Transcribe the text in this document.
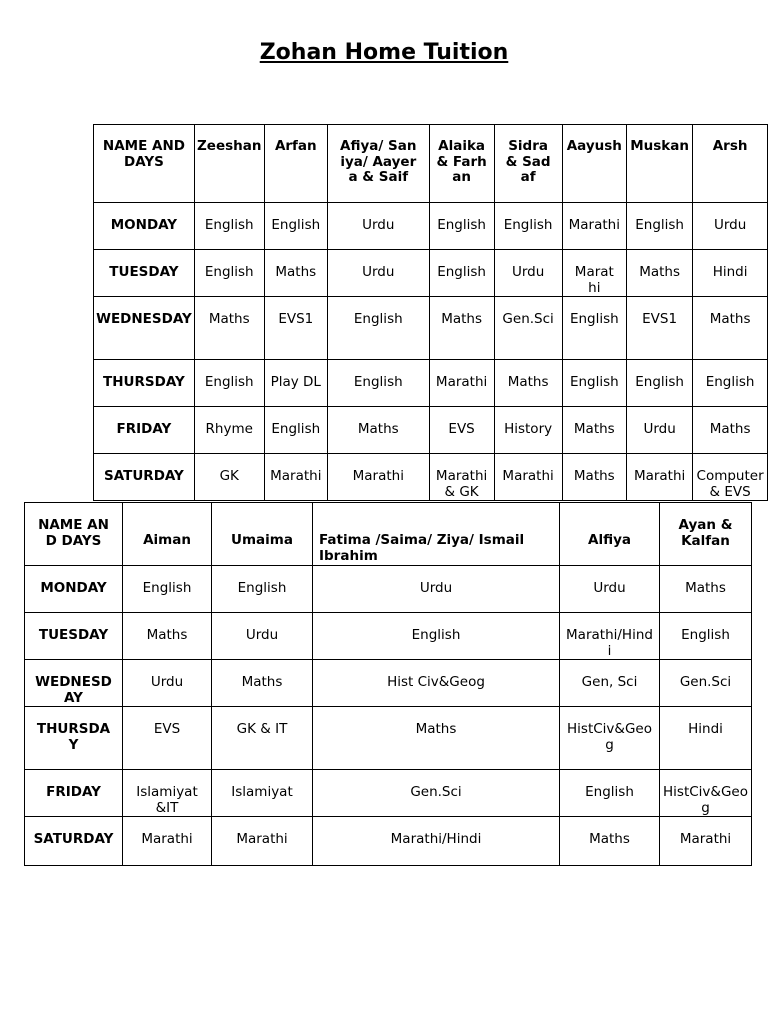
Zohan Home Tuition
NAME AND DAYS	Zeeshan	Arfan	Afiya/ Saniya/ Aayera & Saif	Alaika & Farhan	Sidra & Sadaf	Aayush	Muskan	Arsh
MONDAY	English	English	Urdu	English	English	Marathi	English	Urdu
TUESDAY	English	Maths	Urdu	English	Urdu	Marathi	Maths	Hindi
WEDNESDAY	Maths	EVS1	English	Maths	Gen.Sci	English	EVS1	Maths
THURSDAY	English	Play DL	English	Marathi	Maths	English	English	English
FRIDAY	Rhyme	English	Maths	EVS	History	Maths	Urdu	Maths
SATURDAY	GK	Marathi	Marathi	Marathi & GK	Marathi	Maths	Marathi	Computer & EVS
NAME AND DAYS	Aiman	Umaima	Fatima /Saima/ Ziya/ Ismail Ibrahim	Alfiya	Ayan & Kalfan
MONDAY	English	English	Urdu	Urdu	Maths
TUESDAY	Maths	Urdu	English	Marathi/Hindi	English
WEDNESDAY	Urdu	Maths	Hist Civ&Geog	Gen, Sci	Gen.Sci
THURSDAY	EVS	GK & IT	Maths	HistCiv&Geog	Hindi
FRIDAY	Islamiyat &IT	Islamiyat	Gen.Sci	English	HistCiv&Geog
SATURDAY	Marathi	Marathi	Marathi/Hindi	Maths	Marathi
